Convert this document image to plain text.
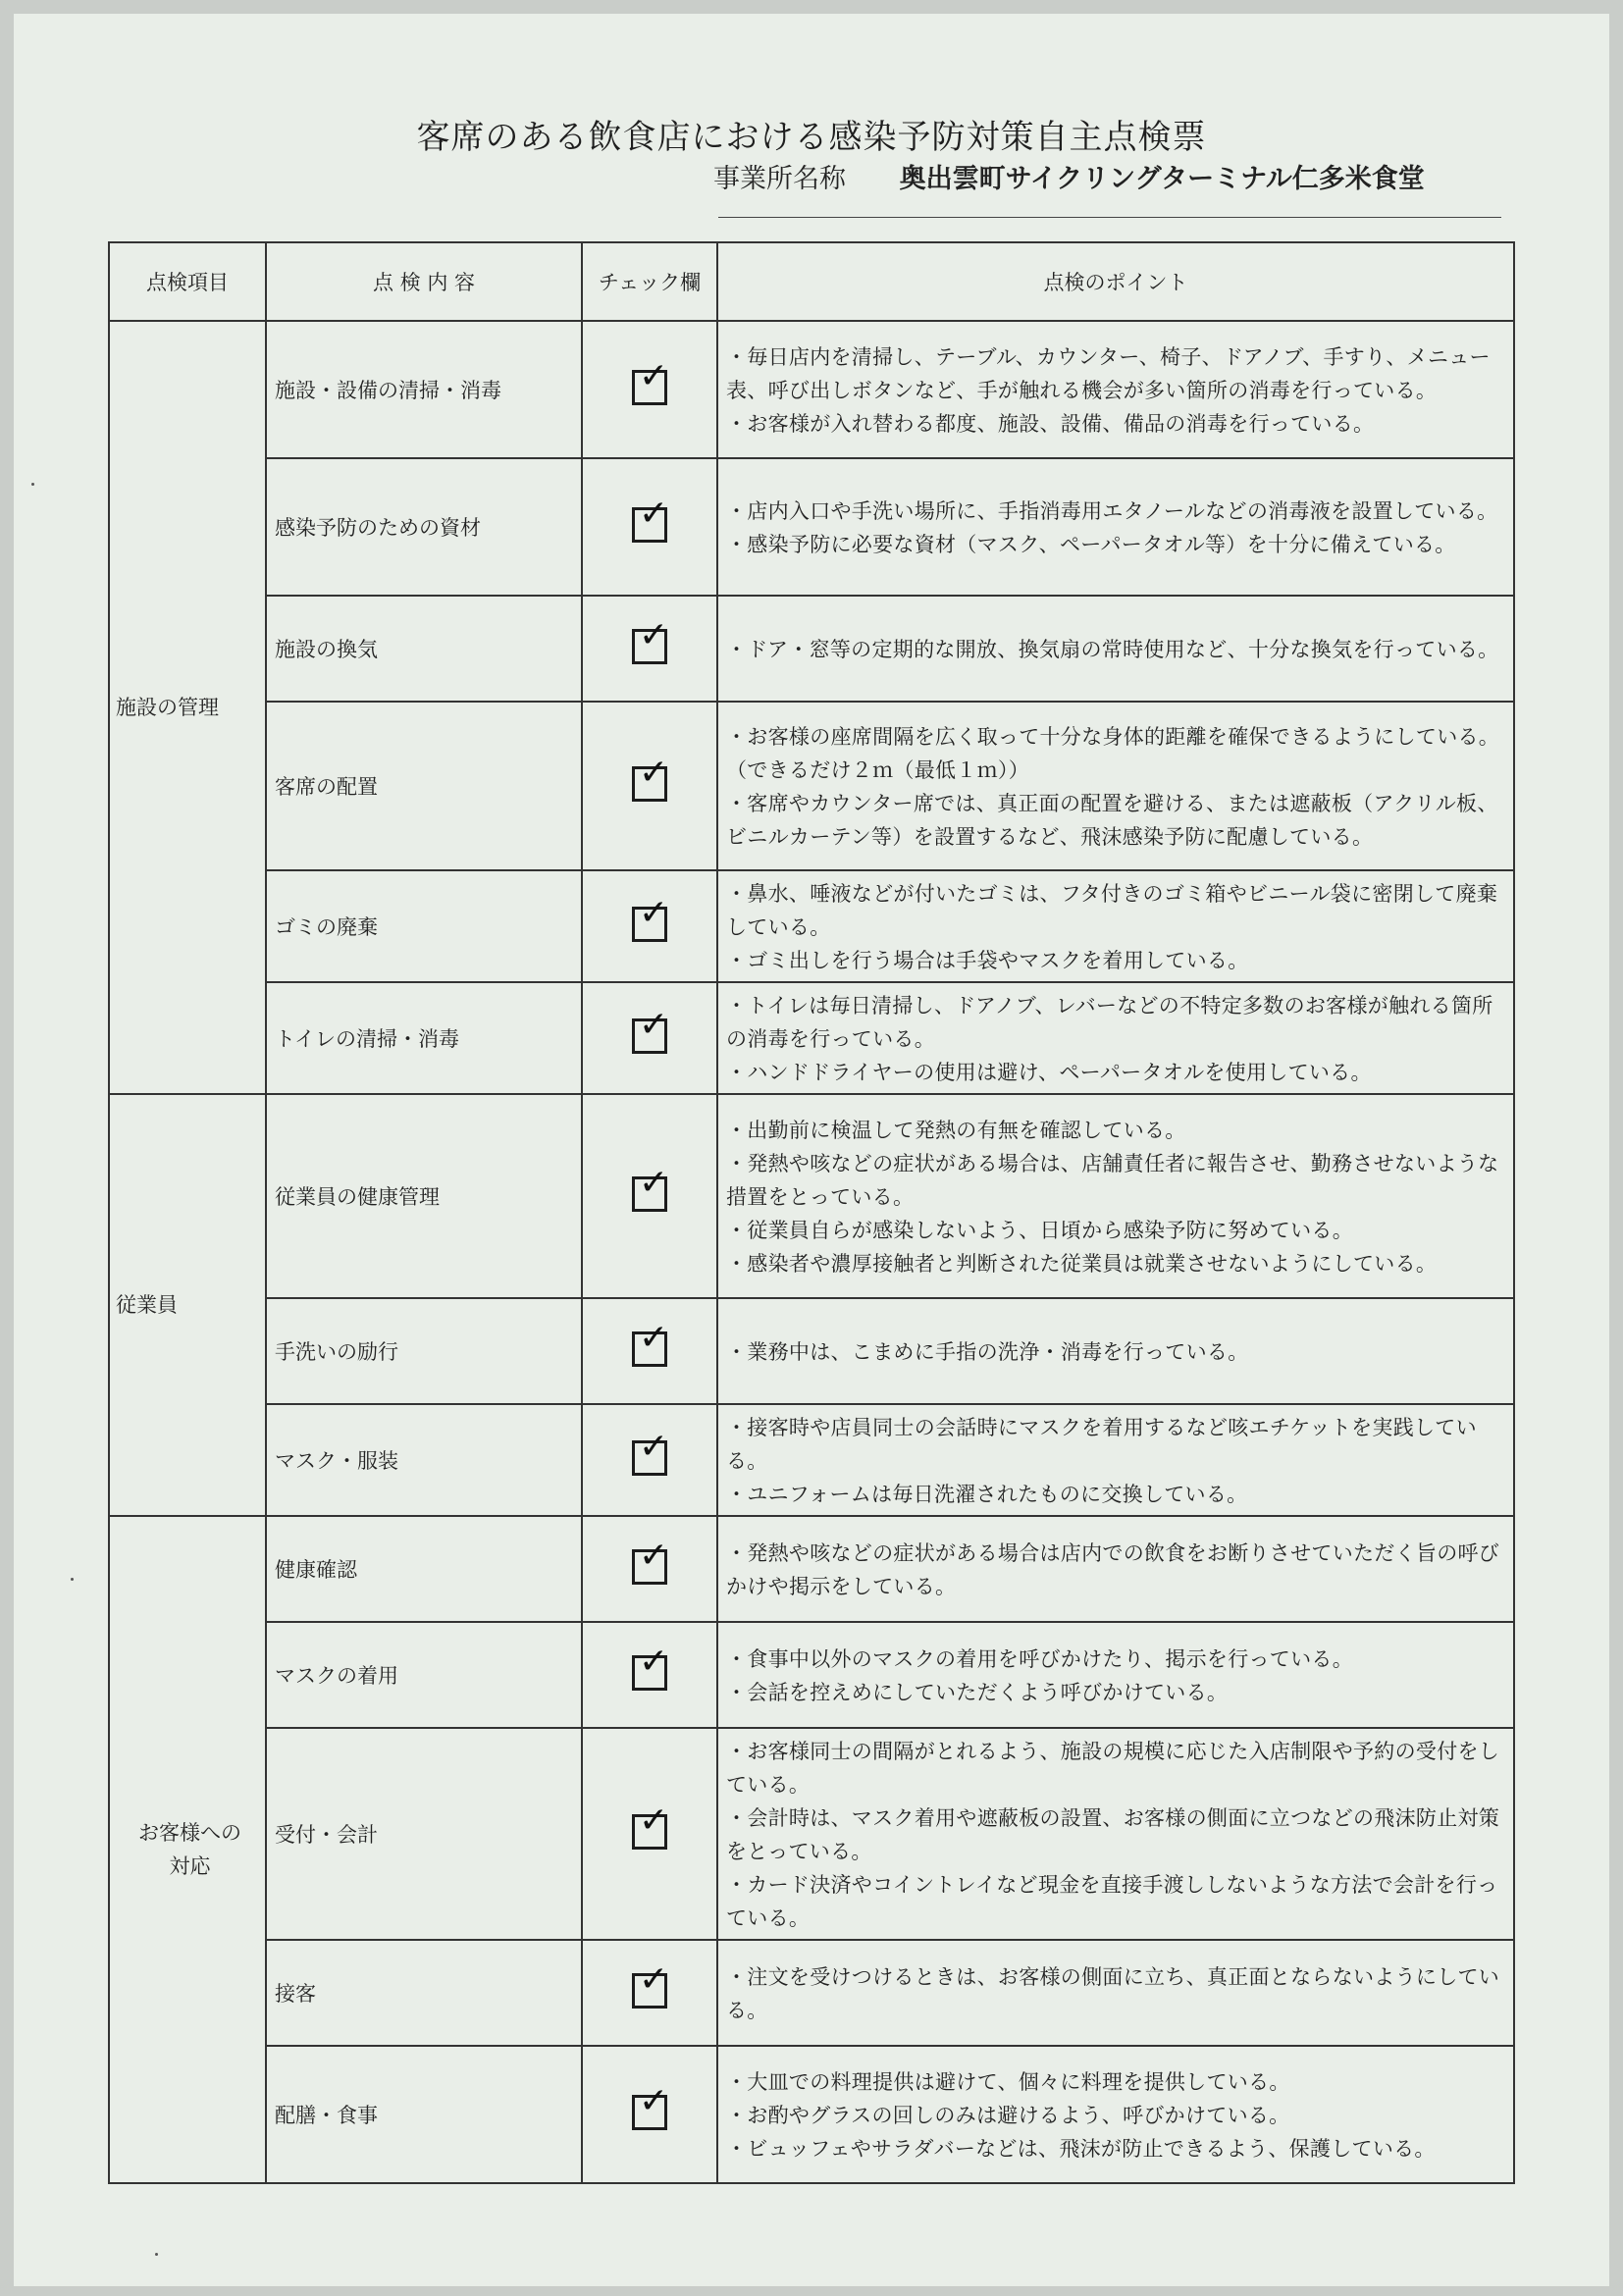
客席のある飲食店における感染予防対策自主点検票
事業所名称 奥出雲町サイクリングターミナル仁多米食堂
点検項目	点 検 内 容	チェック欄	点検のポイント
施設の管理	施設・設備の清掃・消毒	✓	・毎日店内を清掃し、テーブル、カウンター、椅子、ドアノブ、手すり、メニュー表、呼び出しボタンなど、手が触れる機会が多い箇所の消毒を行っている。
・お客様が入れ替わる都度、施設、設備、備品の消毒を行っている。

	感染予防のための資材	✓	・店内入口や手洗い場所に、手指消毒用エタノールなどの消毒液を設置している。
・感染予防に必要な資材（マスク、ペーパータオル等）を十分に備えている。

	施設の換気	✓	・ドア・窓等の定期的な開放、換気扇の常時使用など、十分な換気を行っている。

	客席の配置	✓	・お客様の座席間隔を広く取って十分な身体的距離を確保できるようにしている。（できるだけ２ｍ（最低１ｍ））
・客席やカウンター席では、真正面の配置を避ける、または遮蔽板（アクリル板、ビニルカーテン等）を設置するなど、飛沫感染予防に配慮している。

	ゴミの廃棄	✓	・鼻水、唾液などが付いたゴミは、フタ付きのゴミ箱やビニール袋に密閉して廃棄している。
・ゴミ出しを行う場合は手袋やマスクを着用している。

	トイレの清掃・消毒	✓	・トイレは毎日清掃し、ドアノブ、レバーなどの不特定多数のお客様が触れる箇所の消毒を行っている。
・ハンドドライヤーの使用は避け、ペーパータオルを使用している。

従業員	従業員の健康管理	✓	・出勤前に検温して発熱の有無を確認している。
・発熱や咳などの症状がある場合は、店舗責任者に報告させ、勤務させないような措置をとっている。
・従業員自らが感染しないよう、日頃から感染予防に努めている。
・感染者や濃厚接触者と判断された従業員は就業させないようにしている。

	手洗いの励行	✓	・業務中は、こまめに手指の洗浄・消毒を行っている。

	マスク・服装	✓	・接客時や店員同士の会話時にマスクを着用するなど咳エチケットを実践している。
・ユニフォームは毎日洗濯されたものに交換している。

お客様への
対応	健康確認	✓	・発熱や咳などの症状がある場合は店内での飲食をお断りさせていただく旨の呼びかけや掲示をしている。

	マスクの着用	✓	・食事中以外のマスクの着用を呼びかけたり、掲示を行っている。
・会話を控えめにしていただくよう呼びかけている。

	受付・会計	✓	・お客様同士の間隔がとれるよう、施設の規模に応じた入店制限や予約の受付をしている。
・会計時は、マスク着用や遮蔽板の設置、お客様の側面に立つなどの飛沫防止対策をとっている。
・カード決済やコイントレイなど現金を直接手渡ししないような方法で会計を行っている。

	接客	✓	・注文を受けつけるときは、お客様の側面に立ち、真正面とならないようにしている。

	配膳・食事	✓	・大皿での料理提供は避けて、個々に料理を提供している。
・お酌やグラスの回しのみは避けるよう、呼びかけている。
・ビュッフェやサラダバーなどは、飛沫が防止できるよう、保護している。
